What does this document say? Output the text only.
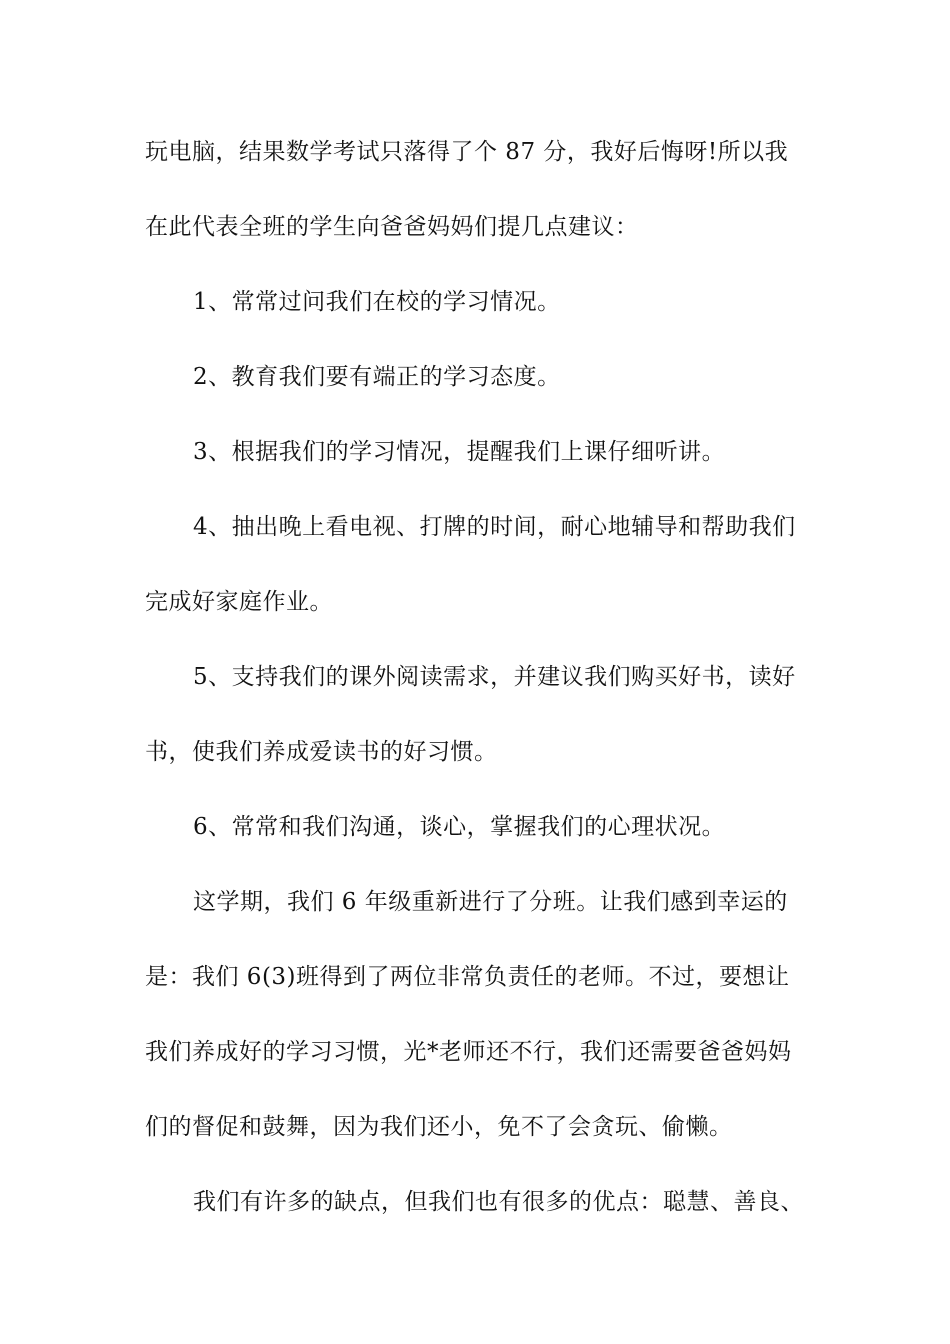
玩电脑，结果数学考试只落得了个 87 分，我好后悔呀!所以我
在此代表全班的学生向爸爸妈妈们提几点建议：
1、常常过问我们在校的学习情况。
2、教育我们要有端正的学习态度。
3、根据我们的学习情况，提醒我们上课仔细听讲。
4、抽出晚上看电视、打牌的时间，耐心地辅导和帮助我们
完成好家庭作业。
5、支持我们的课外阅读需求，并建议我们购买好书，读好
书，使我们养成爱读书的好习惯。
6、常常和我们沟通，谈心，掌握我们的心理状况。
这学期，我们 6 年级重新进行了分班。让我们感到幸运的
是：我们 6(3)班得到了两位非常负责任的老师。不过，要想让
我们养成好的学习习惯，光*老师还不行，我们还需要爸爸妈妈
们的督促和鼓舞，因为我们还小，免不了会贪玩、偷懒。
我们有许多的缺点，但我们也有很多的优点：聪慧、善良、
